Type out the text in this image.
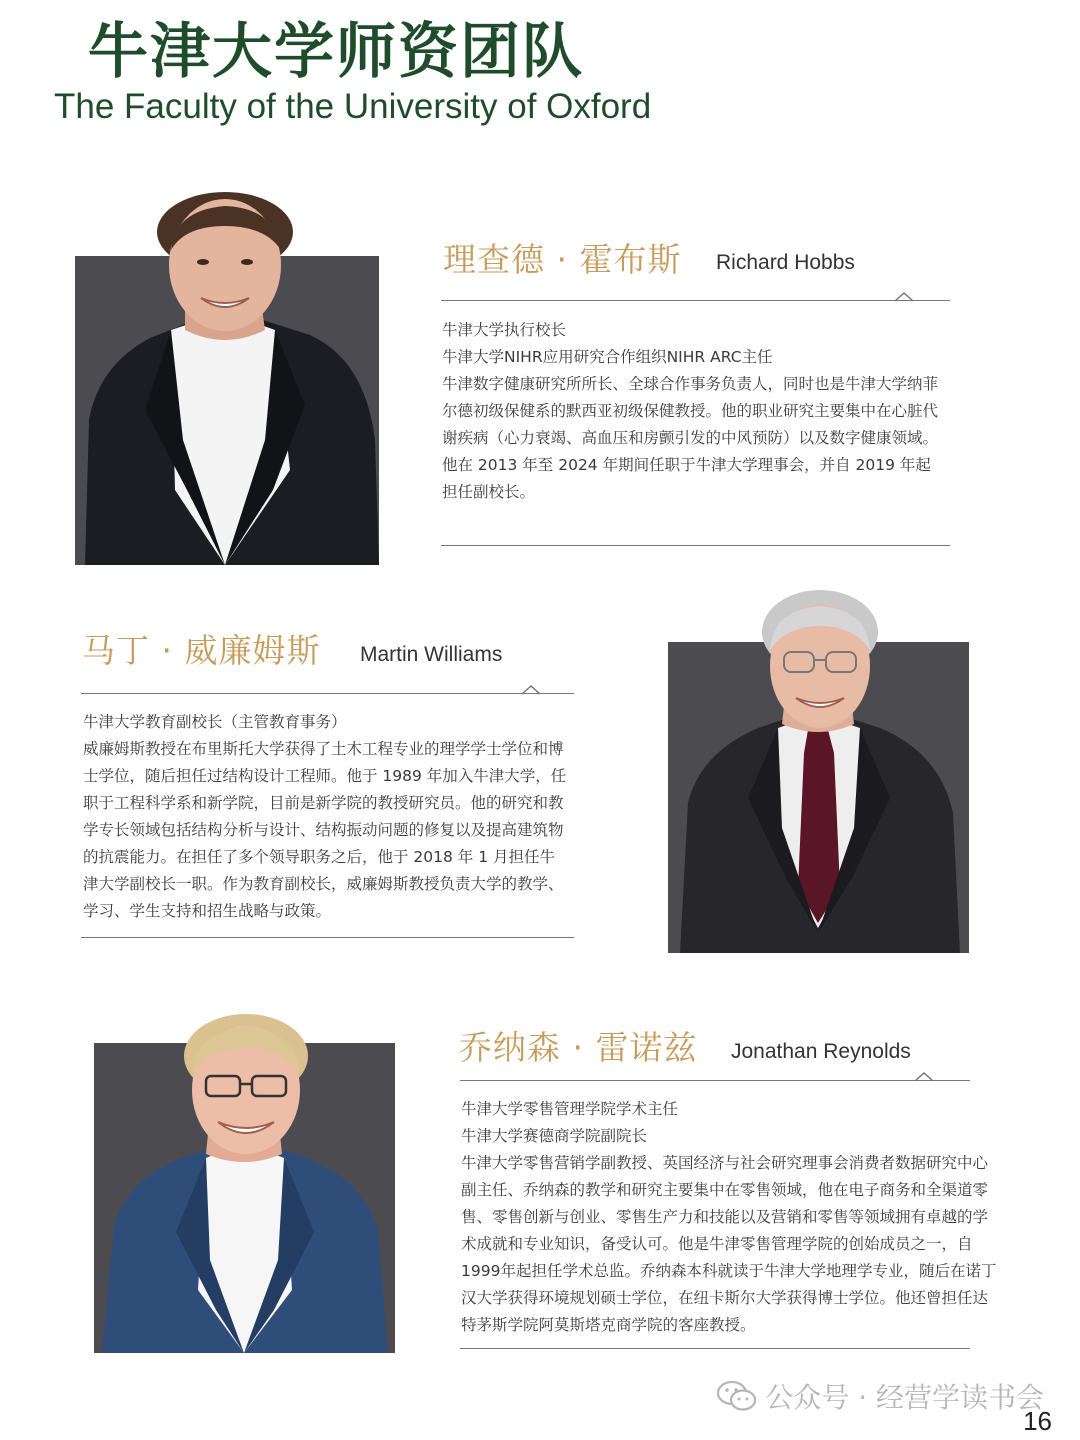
牛津大学师资团队
The Faculty of the University of Oxford
理查德 · 霍布斯 Richard Hobbs

牛津大学执行校长

牛津大学NIHR应用研究合作组织NIHR ARC主任

牛津数字健康研究所所长、全球合作事务负责人，同时也是牛津大学纳菲尔德初级保健系的默西亚初级保健教授。他的职业研究主要集中在心脏代谢疾病（心力衰竭、高血压和房颤引发的中风预防）以及数字健康领域。

他在 2013 年至 2024 年期间任职于牛津大学理事会，并自 2019 年起担任副校长。

马丁 · 威廉姆斯 Martin Williams

牛津大学教育副校长（主管教育事务）

威廉姆斯教授在布里斯托大学获得了土木工程专业的理学学士学位和博士学位，随后担任过结构设计工程师。他于 1989 年加入牛津大学，任职于工程科学系和新学院，目前是新学院的教授研究员。他的研究和教学专长领域包括结构分析与设计、结构振动问题的修复以及提高建筑物的抗震能力。在担任了多个领导职务之后，他于 2018 年 1 月担任牛津大学副校长一职。作为教育副校长，威廉姆斯教授负责大学的教学、学习、学生支持和招生战略与政策。

乔纳森 · 雷诺兹 Jonathan Reynolds

牛津大学零售管理学院学术主任

牛津大学赛德商学院副院长

牛津大学零售营销学副教授、英国经济与社会研究理事会消费者数据研究中心副主任、乔纳森的教学和研究主要集中在零售领域，他在电子商务和全渠道零售、零售创新与创业、零售生产力和技能以及营销和零售等领域拥有卓越的学术成就和专业知识，备受认可。他是牛津零售管理学院的创始成员之一，自1999年起担任学术总监。乔纳森本科就读于牛津大学地理学专业，随后在诺丁汉大学获得环境规划硕士学位，在纽卡斯尔大学获得博士学位。他还曾担任达特茅斯学院阿莫斯塔克商学院的客座教授。

公众号 · 经营学读书会
16
